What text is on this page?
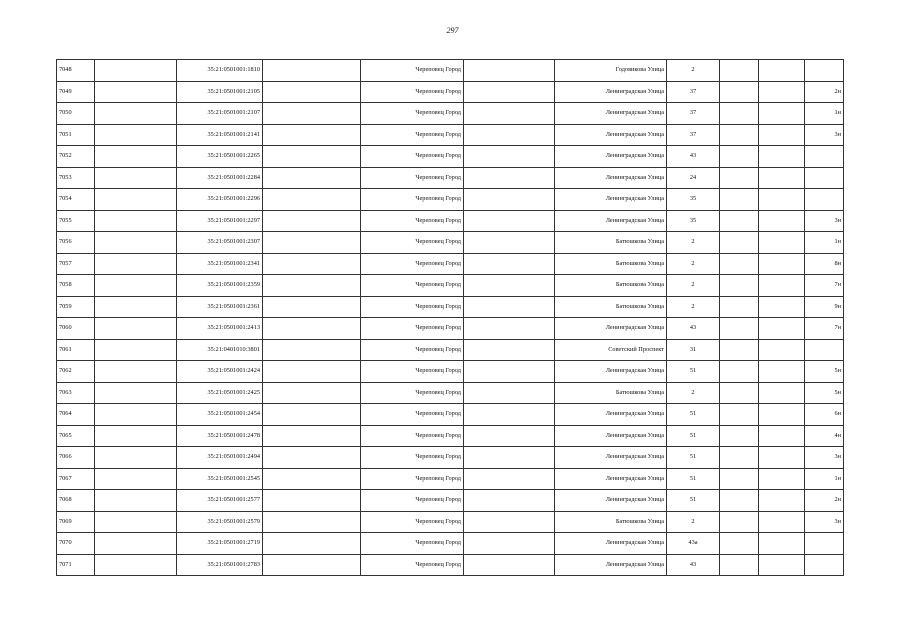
297
7048		35:21:0501001:1810		Череповец Город		Годовикова Улица	2			
7049		35:21:0501001:2105		Череповец Город		Ленинградская Улица	37			2н
7050		35:21:0501001:2107		Череповец Город		Ленинградская Улица	37			1н
7051		35:21:0501001:2141		Череповец Город		Ленинградская Улица	37			3н
7052		35:21:0501001:2265		Череповец Город		Ленинградская Улица	43			
7053		35:21:0501001:2284		Череповец Город		Ленинградская Улица	24			
7054		35:21:0501001:2296		Череповец Город		Ленинградская Улица	35			
7055		35:21:0501001:2297		Череповец Город		Ленинградская Улица	35			3н
7056		35:21:0501001:2307		Череповец Город		Батюшкова Улица	2			1н
7057		35:21:0501001:2341		Череповец Город		Батюшкова Улица	2			8н
7058		35:21:0501001:2359		Череповец Город		Батюшкова Улица	2			7н
7059		35:21:0501001:2361		Череповец Город		Батюшкова Улица	2			9н
7060		35:21:0501001:2413		Череповец Город		Ленинградская Улица	43			7н
7061		35:21:0401010:3801		Череповец Город		Советский Проспект	31			
7062		35:21:0501001:2424		Череповец Город		Ленинградская Улица	51			5н
7063		35:21:0501001:2425		Череповец Город		Батюшкова Улица	2			5н
7064		35:21:0501001:2454		Череповец Город		Ленинградская Улица	51			6н
7065		35:21:0501001:2478		Череповец Город		Ленинградская Улица	51			4н
7066		35:21:0501001:2494		Череповец Город		Ленинградская Улица	51			3н
7067		35:21:0501001:2545		Череповец Город		Ленинградская Улица	51			1н
7068		35:21:0501001:2577		Череповец Город		Ленинградская Улица	51			2н
7069		35:21:0501001:2579		Череповец Город		Батюшкова Улица	2			3н
7070		35:21:0501001:2719		Череповец Город		Ленинградская Улица	43а			
7071		35:21:0501001:2783		Череповец Город		Ленинградская Улица	43			
